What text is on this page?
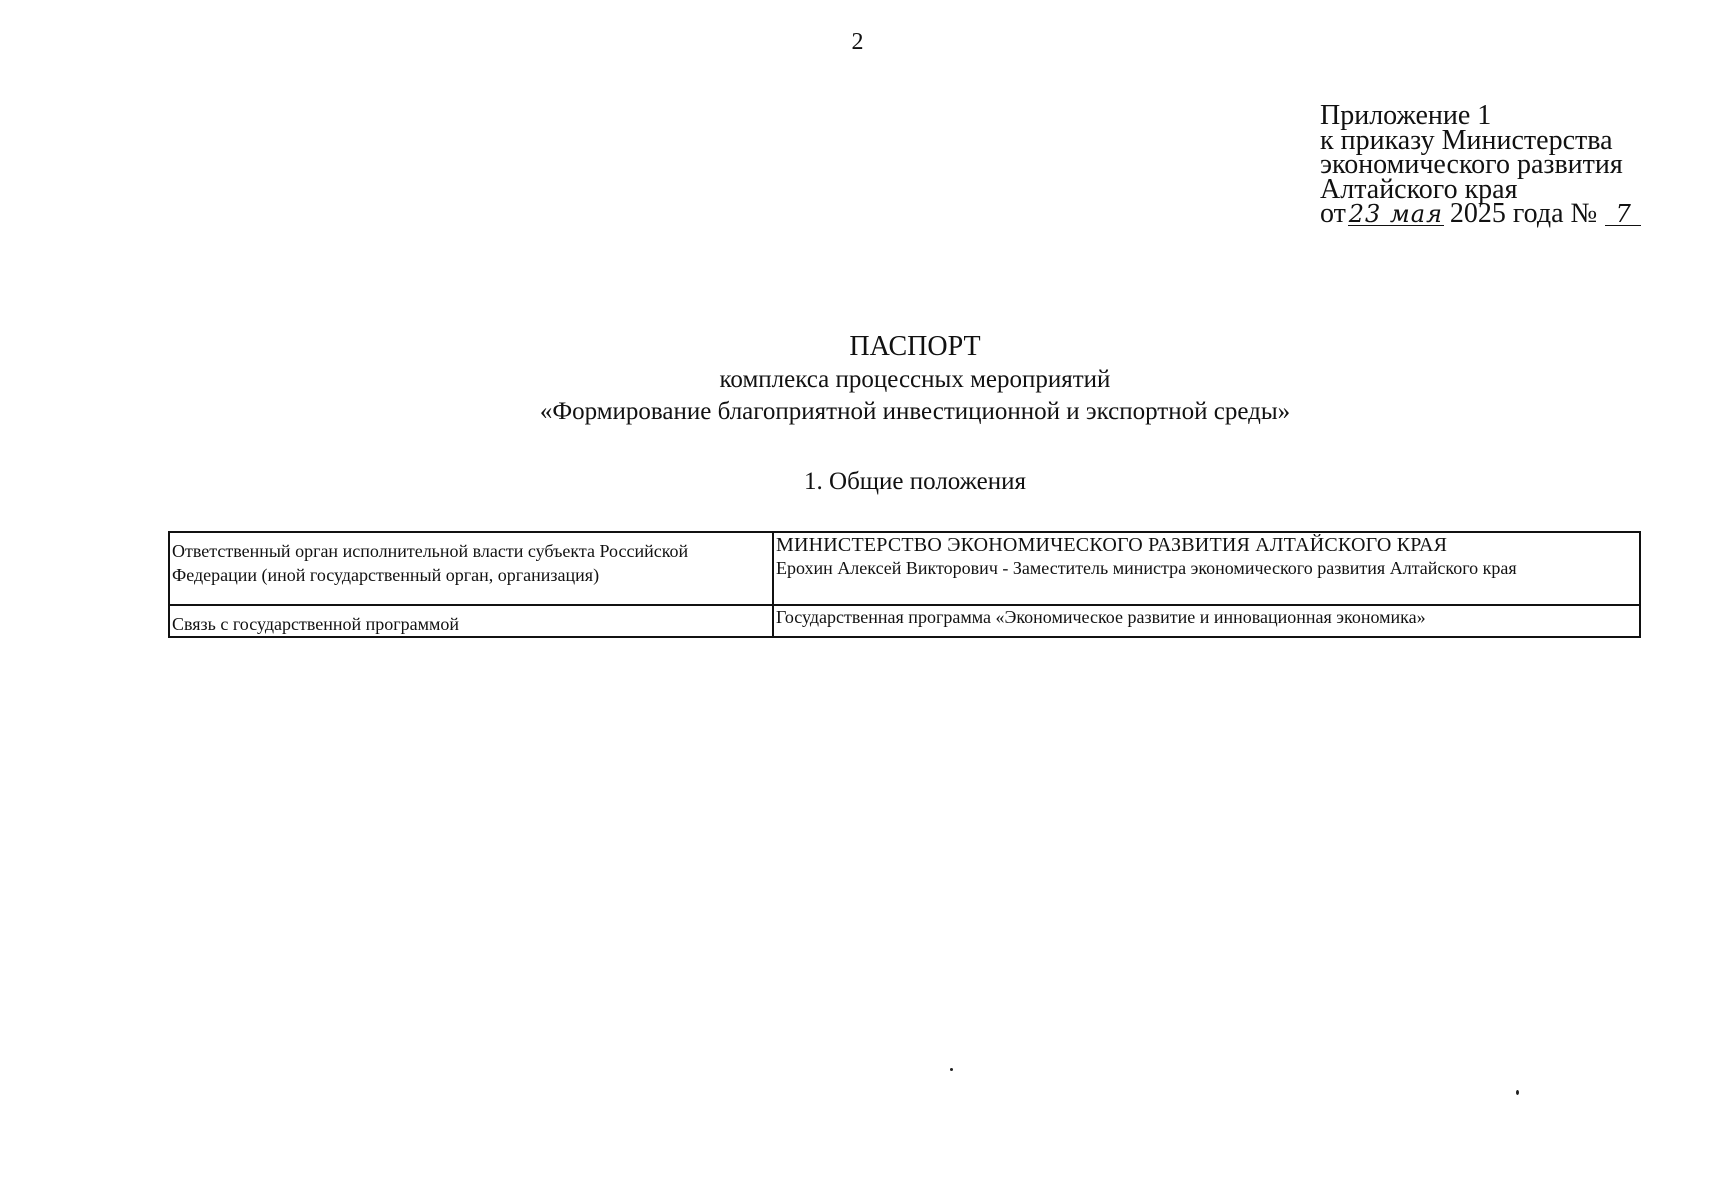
2
Приложение 1
к приказу Министерства
экономического развития
Алтайского края
от 23 мая 2025 года № 7
ПАСПОРТ
комплекса процессных мероприятий
«Формирование благоприятной инвестиционной и экспортной среды»
1. Общие положения
Ответственный орган исполнительной власти субъекта Российской Федерации (иной государственный орган, организация)	МИНИСТЕРСТВО ЭКОНОМИЧЕСКОГО РАЗВИТИЯ АЛТАЙСКОГО КРАЯ
Ерохин Алексей Викторович - Заместитель министра экономического развития Алтайского края

Связь с государственной программой	Государственная программа «Экономическое развитие и инновационная экономика»
